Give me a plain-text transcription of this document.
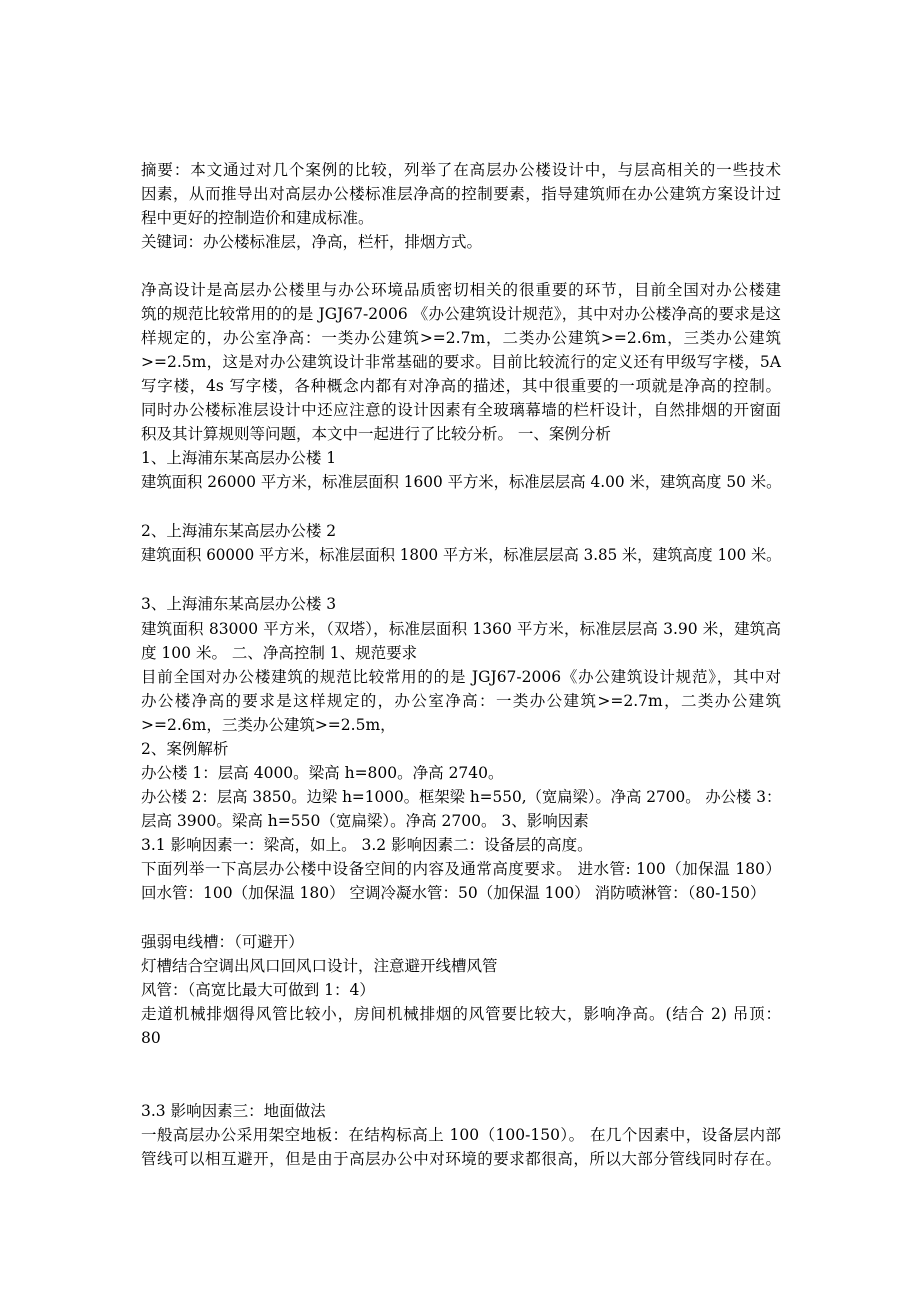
摘要：本文通过对几个案例的比较，列举了在高层办公楼设计中，与层高相关的一些技术
因素，从而推导出对高层办公楼标准层净高的控制要素，指导建筑师在办公建筑方案设计过
程中更好的控制造价和建成标准。
关键词：办公楼标准层，净高，栏杆，排烟方式。
净高设计是高层办公楼里与办公环境品质密切相关的很重要的环节，目前全国对办公楼建
筑的规范比较常用的的是 JGJ67-2006 《办公建筑设计规范》，其中对办公楼净高的要求是这
样规定的，办公室净高：一类办公建筑>=2.7m，二类办公建筑>=2.6m，三类办公建筑
>=2.5m，这是对办公建筑设计非常基础的要求。目前比较流行的定义还有甲级写字楼，5A
写字楼，4s 写字楼，各种概念内都有对净高的描述，其中很重要的一项就是净高的控制。
同时办公楼标准层设计中还应注意的设计因素有全玻璃幕墙的栏杆设计，自然排烟的开窗面
积及其计算规则等问题，本文中一起进行了比较分析。 一、案例分析
1、上海浦东某高层办公楼 1
建筑面积 26000 平方米，标准层面积 1600 平方米，标准层层高 4.00 米，建筑高度 50 米。
2、上海浦东某高层办公楼 2
建筑面积 60000 平方米，标准层面积 1800 平方米，标准层层高 3.85 米，建筑高度 100 米。
3、上海浦东某高层办公楼 3
建筑面积 83000 平方米，（双塔），标准层面积 1360 平方米，标准层层高 3.90 米，建筑高
度 100 米。 二、净高控制 1、规范要求
目前全国对办公楼建筑的规范比较常用的的是 JGJ67-2006《办公建筑设计规范》，其中对
办公楼净高的要求是这样规定的，办公室净高：一类办公建筑>=2.7m，二类办公建筑
>=2.6m，三类办公建筑>=2.5m，
2、案例解析
办公楼 1：层高 4000。梁高 h=800。净高 2740。
办公楼 2：层高 3850。边梁 h=1000。框架梁 h=550,（宽扁梁）。净高 2700。 办公楼 3：
层高 3900。梁高 h=550（宽扁梁）。净高 2700。 3、影响因素
3.1 影响因素一：梁高，如上。 3.2 影响因素二：设备层的高度。
下面列举一下高层办公楼中设备空间的内容及通常高度要求。 进水管: 100（加保温 180）
回水管：100（加保温 180） 空调冷凝水管：50（加保温 100） 消防喷淋管：（80-150）
强弱电线槽：（可避开）
灯槽结合空调出风口回风口设计，注意避开线槽风管
风管：（高宽比最大可做到 1：4）
走道机械排烟得风管比较小，房间机械排烟的风管要比较大，影响净高。(结合 2) 吊顶：
80
3.3 影响因素三：地面做法
一般高层办公采用架空地板：在结构标高上 100（100-150）。 在几个因素中，设备层内部
管线可以相互避开，但是由于高层办公中对环境的要求都很高，所以大部分管线同时存在。
